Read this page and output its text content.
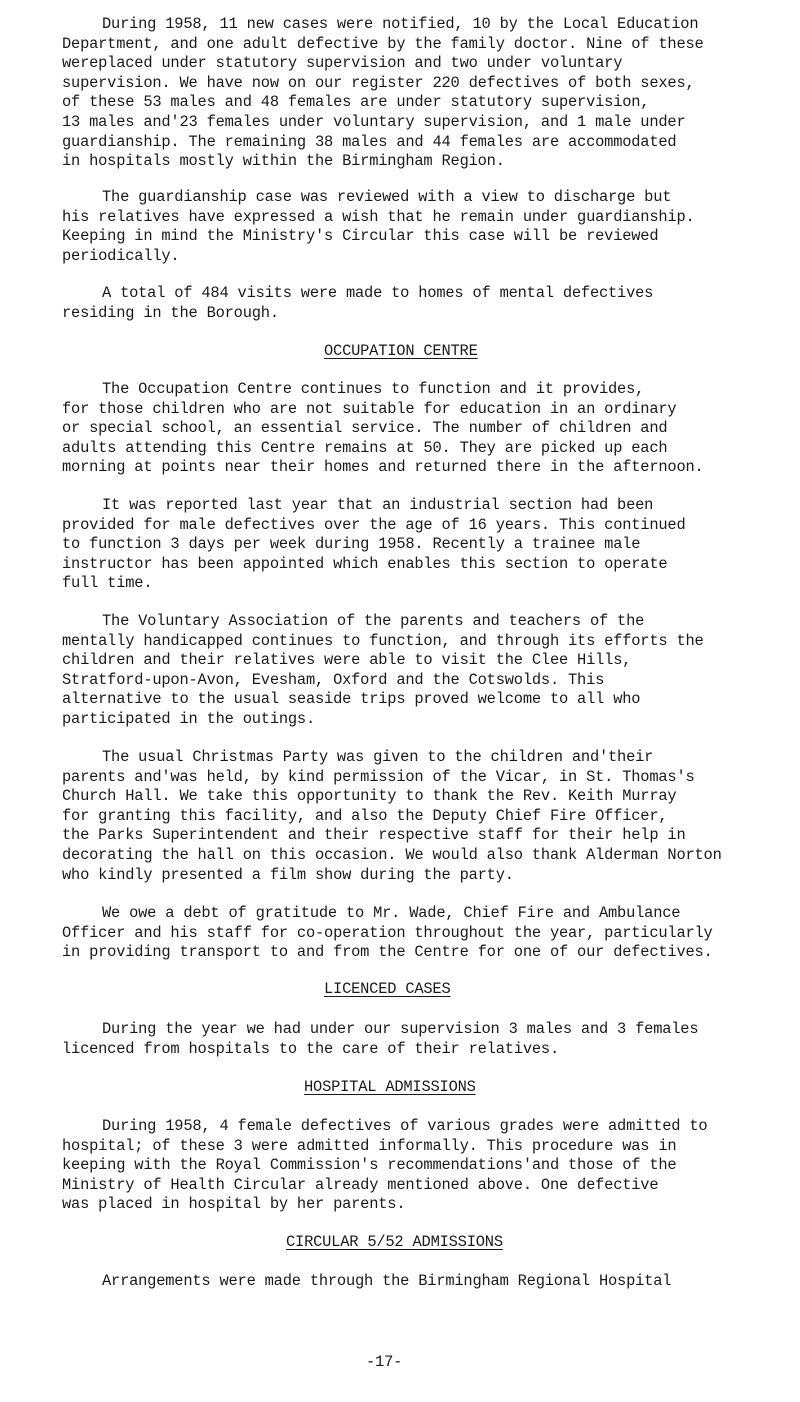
During 1958, 11 new cases were notified, 10 by the Local Education
Department, and one adult defective by the family doctor. Nine of these
wereplaced under statutory supervision and two under voluntary
supervision. We have now on our register 220 defectives of both sexes,
of these 53 males and 48 females are under statutory supervision,
13 males and'23 females under voluntary supervision, and 1 male under
guardianship. The remaining 38 males and 44 females are accommodated
in hospitals mostly within the Birmingham Region.
The guardianship case was reviewed with a view to discharge but
his relatives have expressed a wish that he remain under guardianship.
Keeping in mind the Ministry's Circular this case will be reviewed
periodically.
A total of 484 visits were made to homes of mental defectives
residing in the Borough.
OCCUPATION CENTRE
The Occupation Centre continues to function and it provides,
for those children who are not suitable for education in an ordinary
or special school, an essential service. The number of children and
adults attending this Centre remains at 50. They are picked up each
morning at points near their homes and returned there in the afternoon.
It was reported last year that an industrial section had been
provided for male defectives over the age of 16 years. This continued
to function 3 days per week during 1958. Recently a trainee male
instructor has been appointed which enables this section to operate
full time.
The Voluntary Association of the parents and teachers of the
mentally handicapped continues to function, and through its efforts the
children and their relatives were able to visit the Clee Hills,
Stratford-upon-Avon, Evesham, Oxford and the Cotswolds. This
alternative to the usual seaside trips proved welcome to all who
participated in the outings.
The usual Christmas Party was given to the children and'their
parents and'was held, by kind permission of the Vicar, in St. Thomas's
Church Hall. We take this opportunity to thank the Rev. Keith Murray
for granting this facility, and also the Deputy Chief Fire Officer,
the Parks Superintendent and their respective staff for their help in
decorating the hall on this occasion. We would also thank Alderman Norton
who kindly presented a film show during the party.
We owe a debt of gratitude to Mr. Wade, Chief Fire and Ambulance
Officer and his staff for co-operation throughout the year, particularly
in providing transport to and from the Centre for one of our defectives.
LICENCED CASES
During the year we had under our supervision 3 males and 3 females
licenced from hospitals to the care of their relatives.
HOSPITAL ADMISSIONS
During 1958, 4 female defectives of various grades were admitted to
hospital; of these 3 were admitted informally. This procedure was in
keeping with the Royal Commission's recommendations'and those of the
Ministry of Health Circular already mentioned above. One defective
was placed in hospital by her parents.
CIRCULAR 5/52 ADMISSIONS
Arrangements were made through the Birmingham Regional Hospital
-17-
